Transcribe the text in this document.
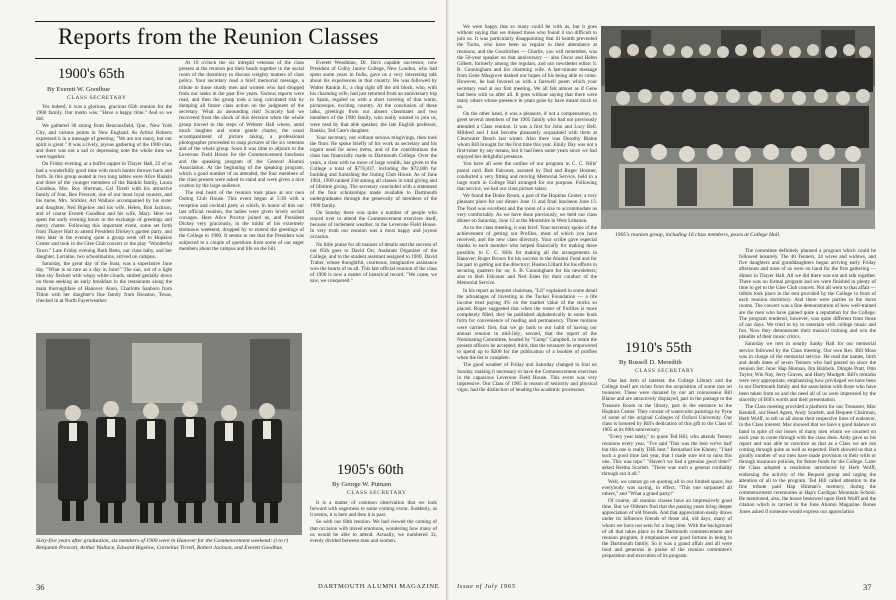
Reports from the Reunion Classes
1900's 65th
By Everett W. Goodhue
CLASS SECRETARY

Yes indeed, it was a glorious, gracious 65th reunion for the 1900 family. Our motto was: "Have a happy time." And so we did.

We gathered 30 strong from Beaconsfield, Que., New York City, and various points in New England. As Arthur Roberts expressed it in a message of greeting: "We are not many, but our spirit is great." It was a lively, joyous gathering of the 1900 clan, and there was not a sad or depressing note the whole time we were together.

On Friday evening, at a buffet supper in Thayer Hall, 22 of us had a wonderfully good time with much banter thrown back and forth. In this group seated at two long tables were Alice Rankin and three of the younger members of the Rankin family, Laura Goodhue, Mrs. Roy Sherman, Cal Tirrell with his attractive family of four, Ben Prescott, one of our most loyal reuners, and his nurse, Mrs. Stickler, Art Wallace accompanied by his sister and daughter, Ned Bigelow and his wife, Helen, Bob Jackson, and of course Everett Goodhue and his wife, Mary. Here we spent the early evening hours in the exchange of greetings and merry chatter. Following this important event, some set forth from Thayer Hall to attend President Dickey's garden party, and then later in the evening quite a group went off to Hopkins Center and took in the Glee Club concert or the play "Wonderful Town." Late Friday evening Ruth Benn, our class baby, and her daughter, Lorraine, two schoolmarms, arrived on campus.

Saturday, the great day of the feast, was a superlative June day. "What is so rare as a day in June!" The sun, out of a light blue sky flecked with wispy white clouds, smiled genially down on those seeking an early breakfast in the restaurants along the main thoroughfare of Hanover. Anon, Charlotte Sanborn from Tilton with her daughter's fine family from Houston, Texas, checked in at North Fayerweather.

At 10 o'clock the six intrepid veterans of the class present at the reunion put their heads together in the social room of the dormitory to discuss weighty matters of class policy. Your secretary read a brief memorial message, a tribute to those sturdy men and women who had dropped from our ranks in the past five years. Various reports were read, and then the group took a long calculated risk by dumping all future class action on the judgment of the secretary. What an astounding risk! Scarcely had we recovered from the shock of this decision when the whole group moved to the steps of Webster Hall where, amid much laughter and some gentle chatter, the usual accompaniment of picture taking, a professional photographer proceeded to snap pictures of the six veterans and of the whole group. Soon it was time to adjourn to the Leverone Field House for the Commencement luncheon and the speaking program of the General Alumni Association. At the beginning of the speaking program, which a good number of us attended, the four members of the class present were asked to stand and were given a nice ovation by the large audience.

The real heart of the reunion took place at our own Outing Club House. This event began at 5:30 with a reception and cocktail party at which, in honor of this our last official reunion, the ladies were given lovely orchid corsages. Here Alice Proctor joined us, and President Dickey very graciously, in the midst of his extremely strenuous weekend, dropped by to extend the greetings of the College to 1900. It seems to me that the President was subjected to a couple of questions from some of our eager members about the campus and life on the hill.

Everett Woodman, Dr. Jim's capable successor, now President of Colby Junior College, New London, who had spent some years in India, gave us a very interesting talk about his experiences in that country. He was followed by Walter Rankin Jr., a chip right off the old block, who, with his charming wife, had just returned from an anniversary trip to Spain, regaled us with a short travelog of that warm, picturesque, exciting country. At the conclusion of these talks, greetings from our absent classmates and two members of the 1900 family, who really wanted to join us, were read by that able speaker, the late English professor, Rankin, Ted Cate's daughter.

Your secretary, not without serious misgivings, then took the floor. He spoke briefly of his work as secretary and his urgent need for news items, and of the contributions the class has financially made to Dartmouth College. Over the years, a class with no more of large wealth, has given to the College a total of $776,837, including the $72,000 for building and furnishing the Outing Club House. As of June 1964, 1900 ranked 23d among all classes in total giving and of lifetime giving. The secretary concluded with a statement of the four scholarships made available to Dartmouth undergraduates through the generosity of members of the 1900 family.

On Sunday there was quite a number of people who stayed over to attend the Commencement exercises itself, because of inclement weather, in the Leverone Field House. In very truth our reunion was a most happy and joyous occasion.

No little praise for all manner of details and the success of our 65th goes to David Orr, Assistant Organizer of the College, and to the student assistant assigned to 1900, David Traber, whose thoughtful, courteous, imaginative assistance won the hearts of us all. This last official reunion of the class of 1900 is now a matter of historical record. "We came, we saw, we conquered."

Sixty-five years after graduation, six members of 1900 were in Hanover for the Commencement weekend: (l to r) Benjamin Prescott, Arthur Wallace, Edward Bigelow, Cornelius Tirrell, Robert Jackson, and Everett Goodhue.
1905's 60th
By George W. Putnam
CLASS SECRETARY

It is a matter of common observation that we look forward with eagerness to some coming event. Suddenly, as it seems, it is here and then it is past.

So with our 60th reunion. We had viewed the coming of that occasion with mixed emotions, wondering how many of us would be able to attend. Actually, we numbered 32, evenly divided between men and women.

36	DARTMOUTH ALUMNI MAGAZINE

We were happy that so many could be with us, but it goes without saying that we missed those who found it too difficult to join us. It was particularly disappointing that ill health prevented the Tucks, who have been so regular in their attendance at reunions, and the Goodriches — Charlie, you will remember, was the 50-year speaker on that anniversary — also Oscar and Helen Gilbert, formerly among the regulars, and our newsletter editor S. B. Cunningham and his charming wife. A last-minute message from Gene Musgrove dashed our hopes of his being able to come. However, he had favored us with a farewell poem which your secretary read at our first meeting. We all felt almost as if Gene had been with us after all. It goes without saying that there were many others whose presence in years gone by have meant much to us.

On the other hand, it was a pleasure, if not a compensation, to greet several members of the 1905 family who had not previously attended a Class reunion. It was a first for John and Lucy Bell. Mildred and I had become pleasantly acquainted with them at Clearwater Beach last winter. Also there was Dorothy Blaine whom Bill brought for the first time this year. Emily Day was not a first-timer by any means, but it had been some years since we had enjoyed her delightful presence.

You have all seen the outline of our program in C. C. Hills' postal card. Bob Falconer, assisted by Dud and Roger Hosmer, conducted a very fitting and moving Memorial Service, held in a large room in College Hall arranged for our purpose. Following that service, we had our class picture taken.

We found the Drake Room, a part of the Hopkins Center, a very pleasant place for our dinner June 11 and final luncheon June 13. The food was excellent and the room of a size to accommodate us very comfortably. As we have done previously, we held our class dinner on Saturday, June 12 at the Montshire in West Lebanon.

As to the class meeting, it was brief. Your secretary spoke of the achievement of getting out Profiles, most of which you have received, and the new class directory. Your scribe gave especial thanks to each member who helped financially for making these possible; to C. C. Hills for making all the arrangements in Hanover; Roger Brown for his success in the Alumni Fund and for his part in getting out the directory; Huston Lillard for his efforts in securing quarters for us; S. B. Cunningham for his newsletters; also to Bob Falconer and Ned Estes for their conduct of the Memorial Service.

In his report as bequest chairman, "Lil" explained in some detail the advantages of investing in the Tucker Foundation — a life income trust paying 4% on the market value of the stocks so placed. Roger suggested that when the roster of Profiles is more completely filled, they be published alphabetically in some book form for convenience of reading and permanency. Three motions were carried: first, that we go back to our habit of having our annual reunion in mid-July; second, that the report of the Nominating Committee, headed by "Camp" Campbell, to retain the present officers be accepted; third, that the treasurer be empowered to spend up to $200 for the publication of a booklet of profiles when the list is complete.

The good weather of Friday and Saturday changed to foul on Sunday, making it necessary to have the Commencement exercises in the capacious Leverone Field House. This event was very impressive. Our Class of 1905 in reason of seniority and physical vigor, had the distinction of heading the academic procession.

1905's reunion group, including 16 class members, poses at College Hall.

1910's 55th
By Russell D. Meredith
CLASS SECRETARY

One last item of interest: the College Library and the College itself are richer from the acquisition of some rare art treasures. These were donated by our art connoisseur Bill Blaine and are attractively displayed, part in the passage to the Treasure Room in the library, part in the entrance to the Hopkins Center. They consist of watercolor paintings by Pyne of some of the original Colleges of Oxford University. Our class is honored by Bill's dedication of this gift to the Class of 1905 at its 60th anniversary.

"Every year lately," to quote Ted Hill, who attends Tenney reunions every year, "I've said 'This was the best we've had' but this one is really THE best." Remarked Joe Kinney, "I had such a good time last year, that I made sure not to miss this one. This was tops." "Haven't we had a genuine good time?" asked Bertha Scarlett. "There was such a general cordiality through out it all."

Well, we cannot go on quoting all in our limited space, but everybody was saying, in effect, "This one surpassed all others," and "What a grand party!"

Of course, all reunion classes have an impressively good time. But we Oldsters find that the passing years bring deeper appreciation of old friends. And that appreciation easily draws under its influence friends of those old, old days, many of whom we have not seen for a long time. With the background of all that takes place in the Dartmouth commencement and reunion program, it emphasizes our good fortune in being in the Dartmouth family. So it was a grand affair and all were loud and generous in praise of the reunion committee's preparation and execution of its program.

The committee definitely planned a program which could be followed leisurely. The 40 Tenners, 24 wives and widows, and five daughters and granddaughters began arriving early Friday afternoon and most of us were on hand for the first gathering — dinner in Thayer Hall. All we did there was eat and talk together. There was no formal program and we were finished in plenty of time to get to the Glee Club concert. Not all went to that affair — tidbits took place in the tent provided by the College in front of each reunion dormitory. And there were parties in the dorm rooms. The concert was a fine demonstration of how well-trained are the men who have gained quite a reputation for the College. The program rendered, however, was quite different from those of our days. We tried to try to entertain with college music and fun. Now they demonstrate their musical training and win the plaudits of their music critics.

Saturday we met in nearby Sanky Hall for our memorial service followed by the Class meeting. Our own Rev. Bill Moss was in charge of the memorial service. He read the names, birth and death dates of seven Tenners who had passed on since the reunion list: June: Hap Hinman, Jim Baldwin, Dimple Pratt, Otto Taylor, Win Nay, Jerry Graves, and Harry Mudgett. Bill's remarks were very appropriate, emphasizing how privileged we have been in our Dartmouth family and the association with those who have been taken from us and the need all of us were impressed by the sincerity of Bill's words and their presentation.

The Class meeting provided a platform for our Treasurer, Mac Kendall, our Head Agent, Andy Scarlett, and Bequest Chairman, Herb Wolff, to tell us all about their respective lines of endeavor, in the Class interest. Mac showed that we have a good balance on hand in spite of our losses of many men whom we counted on each year to come through with the class dues. Andy gave us his report and was able to convince us that as a Class we are not coming through quite as well as expected. Herb showed us that a goodly number of our men have made provision in their wills or through insurance policies, for future funds for the College. Later the Class adopted a resolution introduced by Herb Wolff, endorsing the activity of the Bequest group and urging the attention of all to the program. Ted Hill called attention to the fine tribute paid Hap Hinman's memory, during the commencement ceremonies at Hap's Cardigan Mountain School. He mentioned, also, the house bestowed upon Herb Wolff and the citation which is carried in the June Alumni Magazine. Bones Jones asked if someone would express our appreciation

Issue of July 1965	37
